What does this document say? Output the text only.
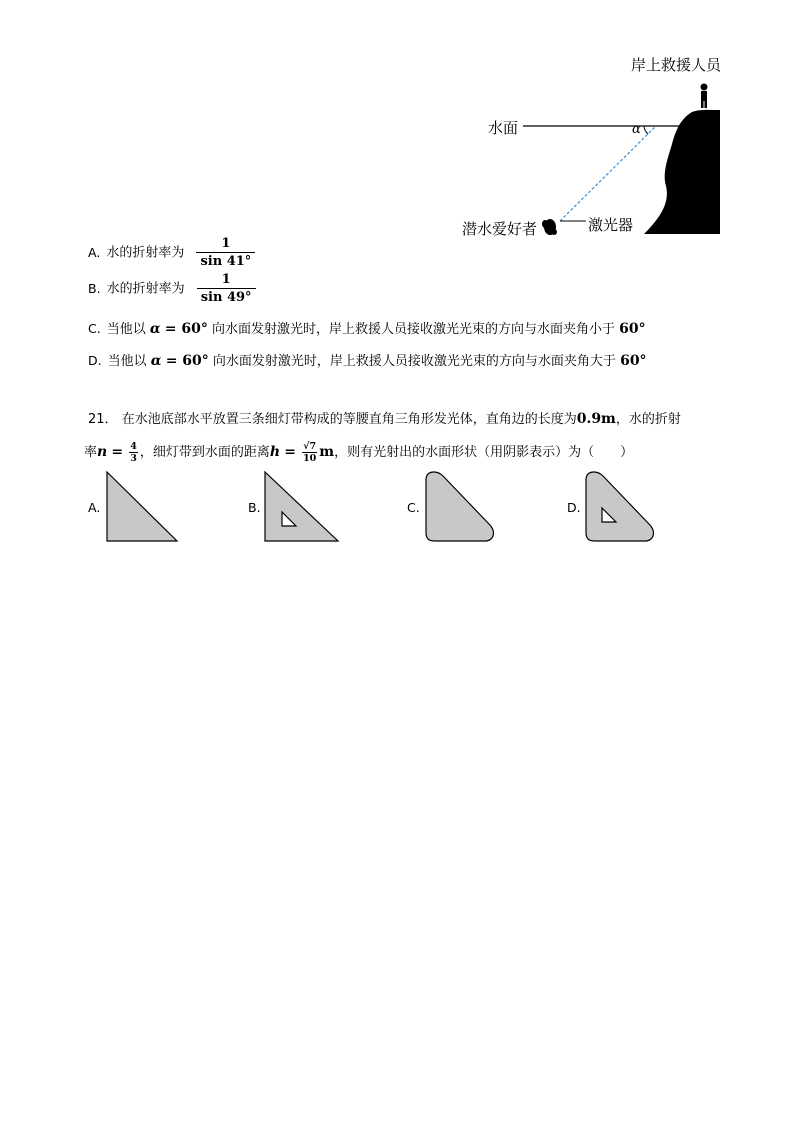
岸上救援人员
水面	α
潜水爱好者	激光器
A. 水的折射率为 $\frac{1}{\sin 41^\circ}$
B. 水的折射率为 $\frac{1}{\sin 49^\circ}$
C. 当他以 α = 60° 向水面发射激光时，岸上救援人员接收激光光束的方向与水面夹角小于 60°
D. 当他以 α = 60° 向水面发射激光时，岸上救援人员接收激光光束的方向与水面夹角大于 60°
21． 在水池底部水平放置三条细灯带构成的等腰直角三角形发光体，直角边的长度为0.9m，水的折射
率$n = \frac{4}{3}$ ，细灯带到水面的距离$h = \frac{√7}{10}$ m，则有光射出的水面形状（用阴影表示）为（　　）
A.	B.	C.	D.
